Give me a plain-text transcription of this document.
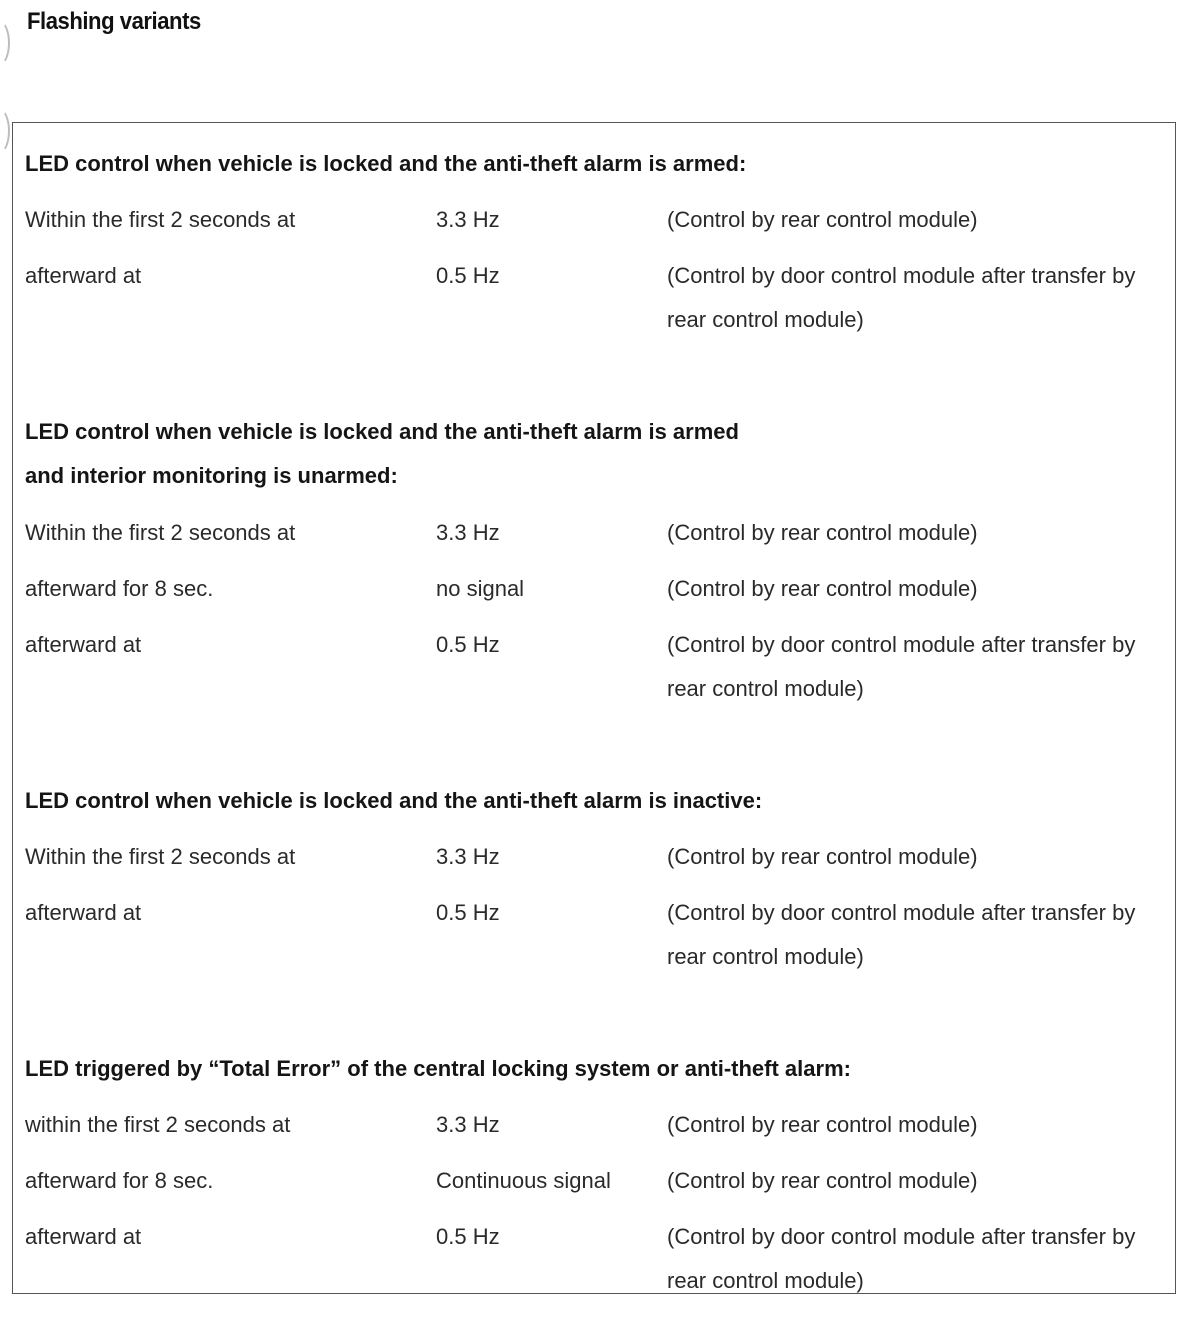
Flashing variants
LED control when vehicle is locked and the anti-theft alarm is armed:
Within the first 2 seconds at	3.3 Hz	(Control by rear control module)
afterward at	0.5 Hz	(Control by door control module after transfer by rear control module)
LED control when vehicle is locked and the anti-theft alarm is armed
and interior monitoring is unarmed:
Within the first 2 seconds at	3.3 Hz	(Control by rear control module)
afterward for 8 sec.	no signal	(Control by rear control module)
afterward at	0.5 Hz	(Control by door control module after transfer by rear control module)
LED control when vehicle is locked and the anti-theft alarm is inactive:
Within the first 2 seconds at	3.3 Hz	(Control by rear control module)
afterward at	0.5 Hz	(Control by door control module after transfer by rear control module)
LED triggered by “Total Error” of the central locking system or anti-theft alarm:
within the first 2 seconds at	3.3 Hz	(Control by rear control module)
afterward for 8 sec.	Continuous signal	(Control by rear control module)
afterward at	0.5 Hz	(Control by door control module after transfer by rear control module)
